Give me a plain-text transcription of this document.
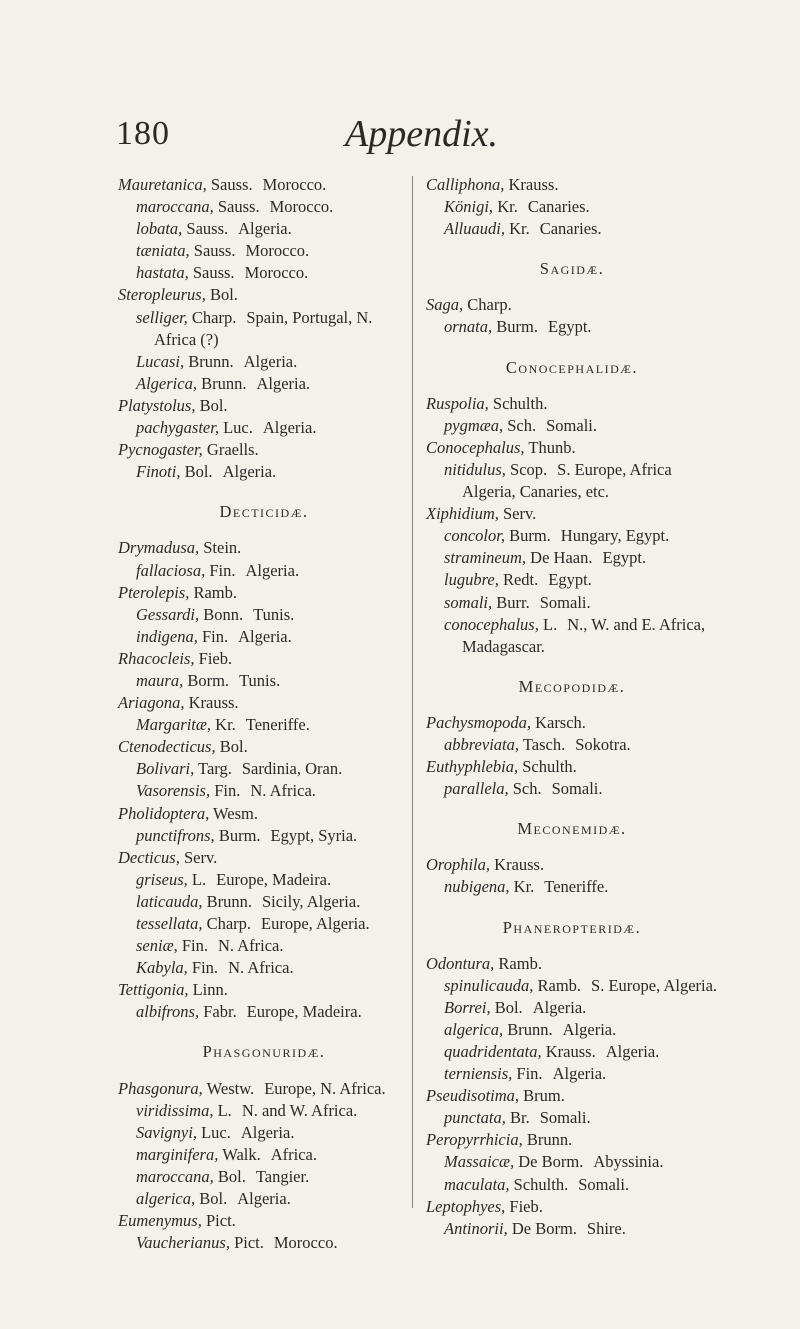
180	Appendix.
Mauretanica, Sauss. Morocco.
maroccana, Sauss. Morocco.
lobata, Sauss. Algeria.
tæniata, Sauss. Morocco.
hastata, Sauss. Morocco.
Steropleurus, Bol.
selliger, Charp. Spain, Portugal, N. Africa (?)
Lucasi, Brunn. Algeria.
Algerica, Brunn. Algeria.
Platystolus, Bol.
pachygaster, Luc. Algeria.
Pycnogaster, Graells.
Finoti, Bol. Algeria.
Decticidæ.
Drymadusa, Stein.
fallaciosa, Fin. Algeria.
Pterolepis, Ramb.
Gessardi, Bonn. Tunis.
indigena, Fin. Algeria.
Rhacocleis, Fieb.
maura, Borm. Tunis.
Ariagona, Krauss.
Margaritæ, Kr. Teneriffe.
Ctenodecticus, Bol.
Bolivari, Targ. Sardinia, Oran.
Vasorensis, Fin. N. Africa.
Pholidoptera, Wesm.
punctifrons, Burm. Egypt, Syria.
Decticus, Serv.
griseus, L. Europe, Madeira.
laticauda, Brunn. Sicily, Algeria.
tessellata, Charp. Europe, Algeria.
seniæ, Fin. N. Africa.
Kabyla, Fin. N. Africa.
Tettigonia, Linn.
albifrons, Fabr. Europe, Madeira.
Phasgonuridæ.
Phasgonura, Westw. Europe, N. Africa.
viridissima, L. N. and W. Africa.
Savignyi, Luc. Algeria.
marginifera, Walk. Africa.
maroccana, Bol. Tangier.
algerica, Bol. Algeria.
Eumenymus, Pict.
Vaucherianus, Pict. Morocco.
Calliphona, Krauss.
Königi, Kr. Canaries.
Alluaudi, Kr. Canaries.
Sagidæ.
Saga, Charp.
ornata, Burm. Egypt.
Conocephalidæ.
Ruspolia, Schulth.
pygmæa, Sch. Somali.
Conocephalus, Thunb.
nitidulus, Scop. S. Europe, Africa Algeria, Canaries, etc.
Xiphidium, Serv.
concolor, Burm. Hungary, Egypt.
stramineum, De Haan. Egypt.
lugubre, Redt. Egypt.
somali, Burr. Somali.
conocephalus, L. N., W. and E. Africa, Madagascar.
Mecopodidæ.
Pachysmopoda, Karsch.
abbreviata, Tasch. Sokotra.
Euthyphlebia, Schulth.
parallela, Sch. Somali.
Meconemidæ.
Orophila, Krauss.
nubigena, Kr. Teneriffe.
Phaneropteridæ.
Odontura, Ramb.
spinulicauda, Ramb. S. Europe, Algeria.
Borrei, Bol. Algeria.
algerica, Brunn. Algeria.
quadridentata, Krauss. Algeria.
terniensis, Fin. Algeria.
Pseudisotima, Brum.
punctata, Br. Somali.
Peropyrrhicia, Brunn.
Massaicæ, De Borm. Abyssinia.
maculata, Schulth. Somali.
Leptophyes, Fieb.
Antinorii, De Borm. Shire.
